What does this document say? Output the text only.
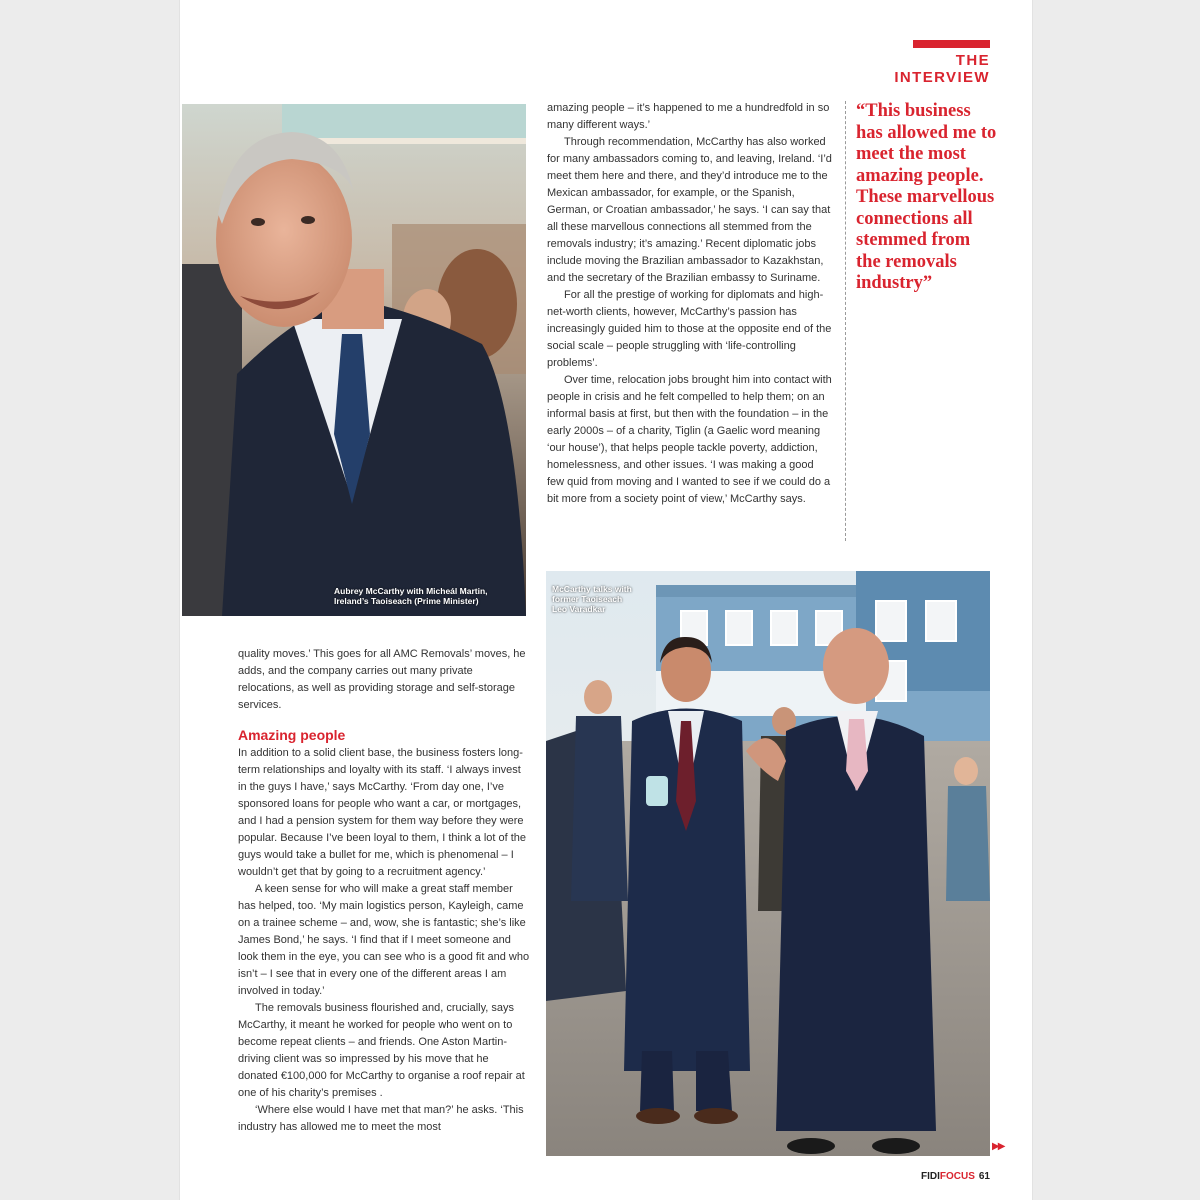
THE INTERVIEW
Aubrey McCarthy with Micheál Martin,
Ireland’s Taoiseach (Prime Minister)

amazing people – it’s happened to me a hundredfold in so many different ways.’

Through recommendation, McCarthy has also worked for many ambassadors coming to, and leaving, Ireland. ‘I’d meet them here and there, and they’d introduce me to the Mexican ambassador, for example, or the Spanish, German, or Croatian ambassador,’ he says. ‘I can say that all these marvellous connections all stemmed from the removals industry; it’s amazing.’ Recent diplomatic jobs include moving the Brazilian ambassador to Kazakhstan, and the secretary of the Brazilian embassy to Suriname.

For all the prestige of working for diplomats and high-net-worth clients, however, McCarthy’s passion has increasingly guided him to those at the opposite end of the social scale – people struggling with ‘life-controlling problems’.

Over time, relocation jobs brought him into contact with people in crisis and he felt compelled to help them; on an informal basis at first, but then with the foundation – in the early 2000s – of a charity, Tiglin (a Gaelic word meaning ‘our house’), that helps people tackle poverty, addiction, homelessness, and other issues. ‘I was making a good few quid from moving and I wanted to see if we could do a bit more from a society point of view,’ McCarthy says.

“This business has allowed me to meet the most amazing people. These marvellous connections all stemmed from the removals industry”

quality moves.’ This goes for all AMC Removals’ moves, he adds, and the company carries out many private relocations, as well as providing storage and self-storage services.

Amazing people

In addition to a solid client base, the business fosters long-term relationships and loyalty with its staff. ‘I always invest in the guys I have,’ says McCarthy. ‘From day one, I’ve sponsored loans for people who want a car, or mortgages, and I had a pension system for them way before they were popular. Because I’ve been loyal to them, I think a lot of the guys would take a bullet for me, which is phenomenal – I wouldn’t get that by going to a recruitment agency.’

A keen sense for who will make a great staff member has helped, too. ‘My main logistics person, Kayleigh, came on a trainee scheme – and, wow, she is fantastic; she’s like James Bond,’ he says. ‘I find that if I meet someone and look them in the eye, you can see who is a good fit and who isn’t – I see that in every one of the different areas I am involved in today.’

The removals business flourished and, crucially, says McCarthy, it meant he worked for people who went on to become repeat clients – and friends. One Aston Martin-driving client was so impressed by his move that he donated €100,000 for McCarthy to organise a roof repair at one of his charity’s premises .

‘Where else would I have met that man?’ he asks. ‘This industry has allowed me to meet the most

McCarthy talks with
former Taoiseach
Leo Varadkar
▶▶
FIDIFOCUS 61
